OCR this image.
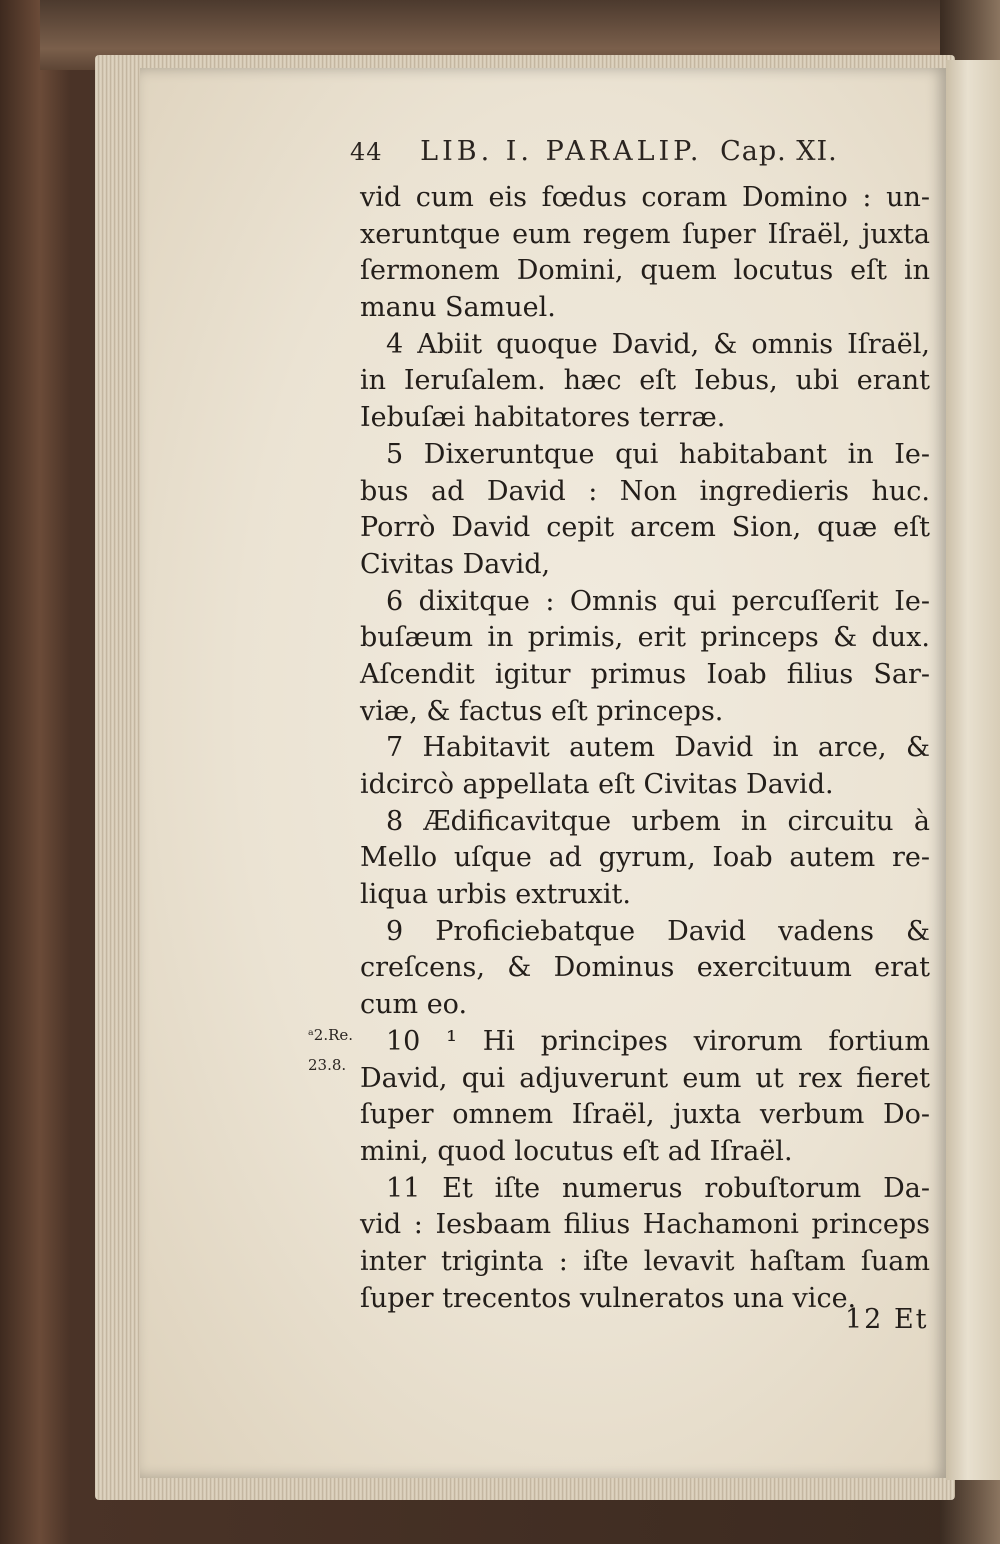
44 LIB. I. PARALIP. Cap. XI.
vid cum eis fœdus coram Domino : un-
xeruntque eum regem ſuper Iſraël, juxta
ſermonem Domini, quem locutus eſt in
manu Samuel.
4 Abiit quoque David, & omnis Iſraël,
in Ieruſalem. hæc eſt Iebus, ubi erant
Iebuſæi habitatores terræ.
5 Dixeruntque qui habitabant in Ie-
bus ad David : Non ingredieris huc.
Porrò David cepit arcem Sion, quæ eſt
Civitas David,
6 dixitque : Omnis qui percuſſerit Ie-
buſæum in primis, erit princeps & dux.
Aſcendit igitur primus Ioab filius Sar-
viæ, & factus eſt princeps.
7 Habitavit autem David in arce, &
idcircò appellata eſt Civitas David.
8 Ædificavitque urbem in circuitu à
Mello uſque ad gyrum, Ioab autem re-
liqua urbis extruxit.
9 Proficiebatque David vadens &
creſcens, & Dominus exercituum erat
cum eo.
10 ¹ Hi principes virorum fortium
David, qui adjuverunt eum ut rex fieret
ſuper omnem Iſraël, juxta verbum Do-
mini, quod locutus eſt ad Iſraël.
11 Et iſte numerus robuſtorum Da-
vid : Iesbaam filius Hachamoni princeps
inter triginta : iſte levavit haſtam ſuam
ſuper trecentos vulneratos una vice.
ᵃ2.Re.
23.8.
12 Et
